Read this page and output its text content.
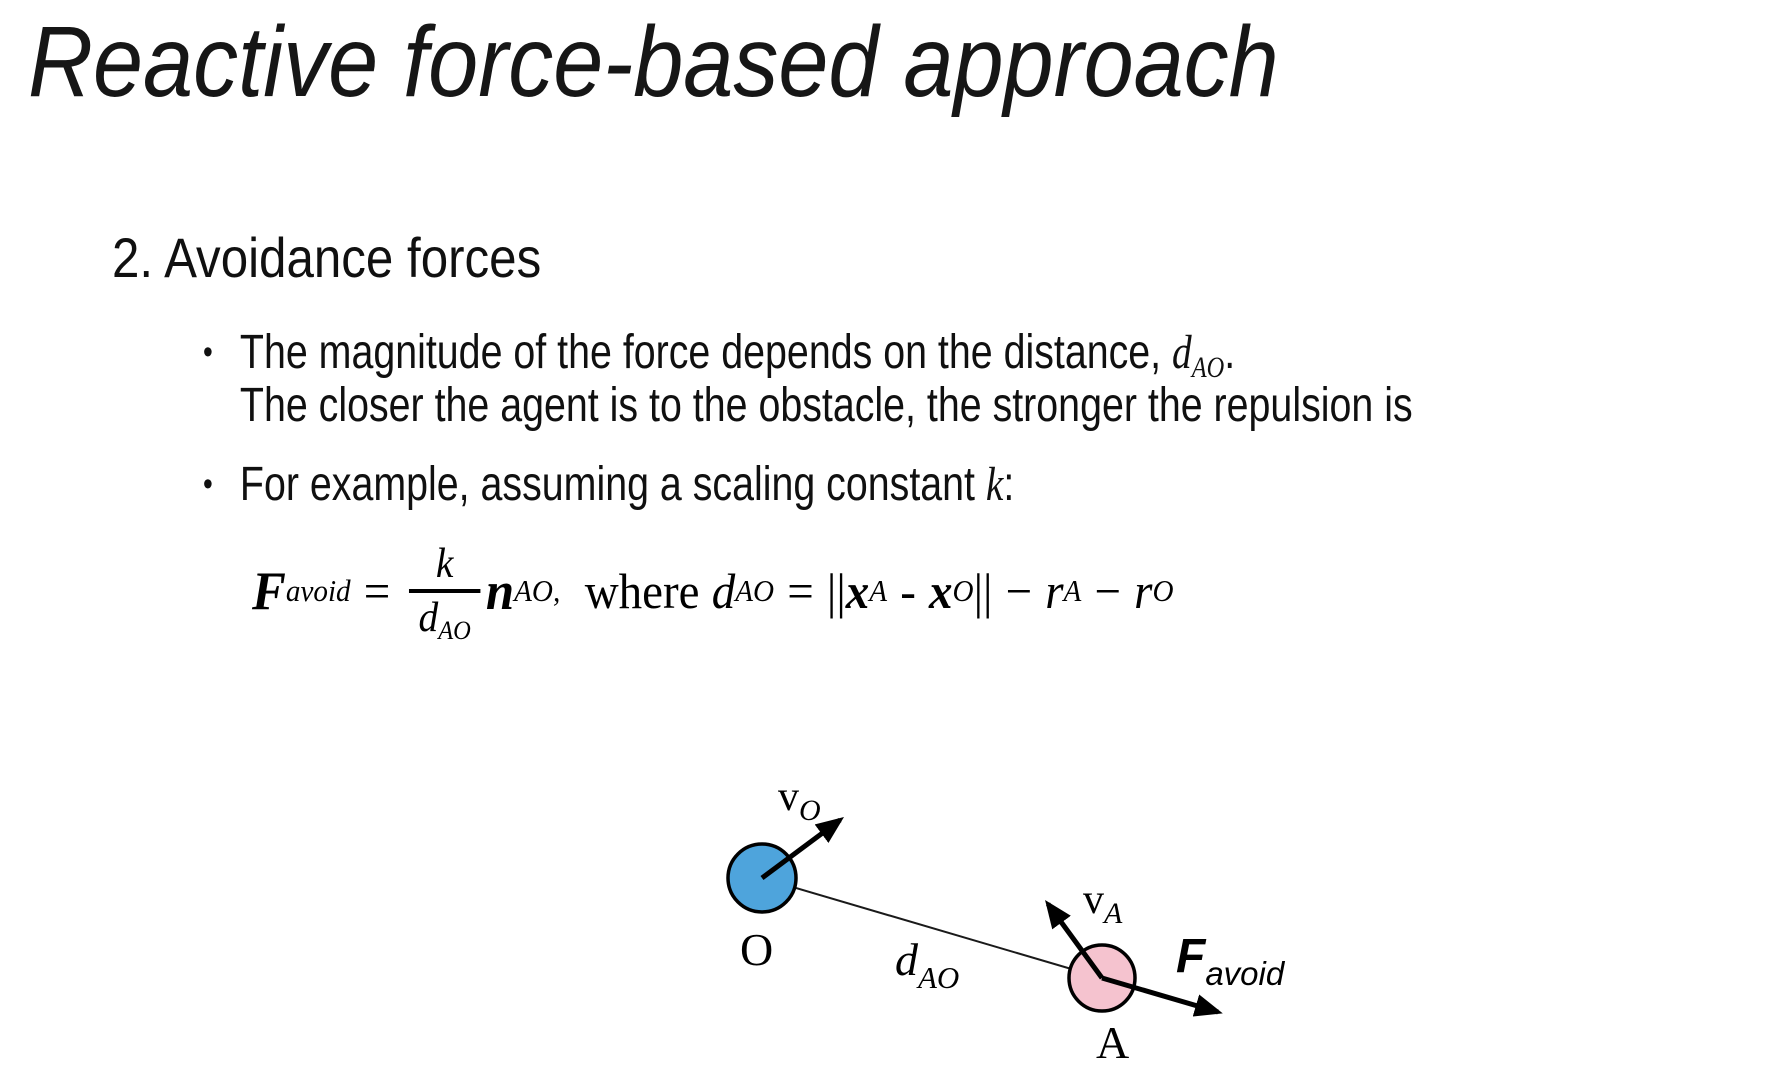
Reactive force-based approach
2. Avoidance forces
• The magnitude of the force depends on the distance, $d_{AO}$.
The closer the agent is to the obstacle, the stronger the repulsion is
• For example, assuming a scaling constant k:
F avoid = $\frac{k}{d_{AO}}$ n AO, where d AO = || x A - x O || − r A − r O
$v_O$
O	$d_{AO}$
$v_A$
$F_{avoid}$
A
